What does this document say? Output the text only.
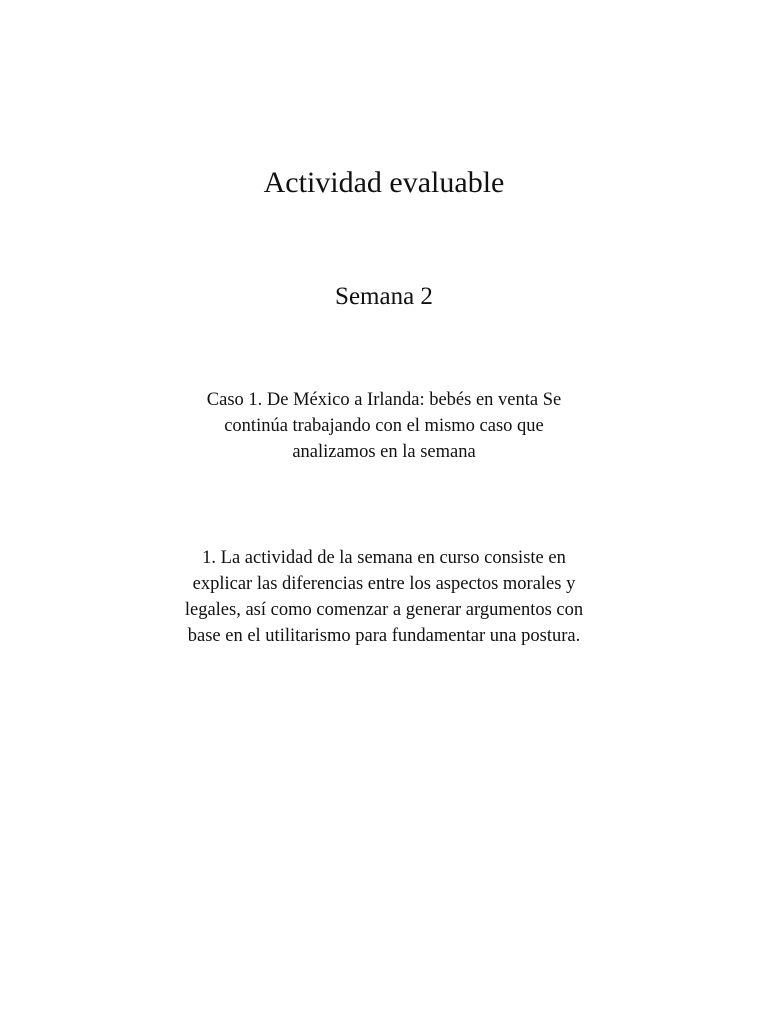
Actividad evaluable
Semana 2
Caso 1. De México a Irlanda: bebés en venta Se continúa trabajando con el mismo caso que analizamos en la semana
1. La actividad de la semana en curso consiste en explicar las diferencias entre los aspectos morales y legales, así como comenzar a generar argumentos con base en el utilitarismo para fundamentar una postura.
